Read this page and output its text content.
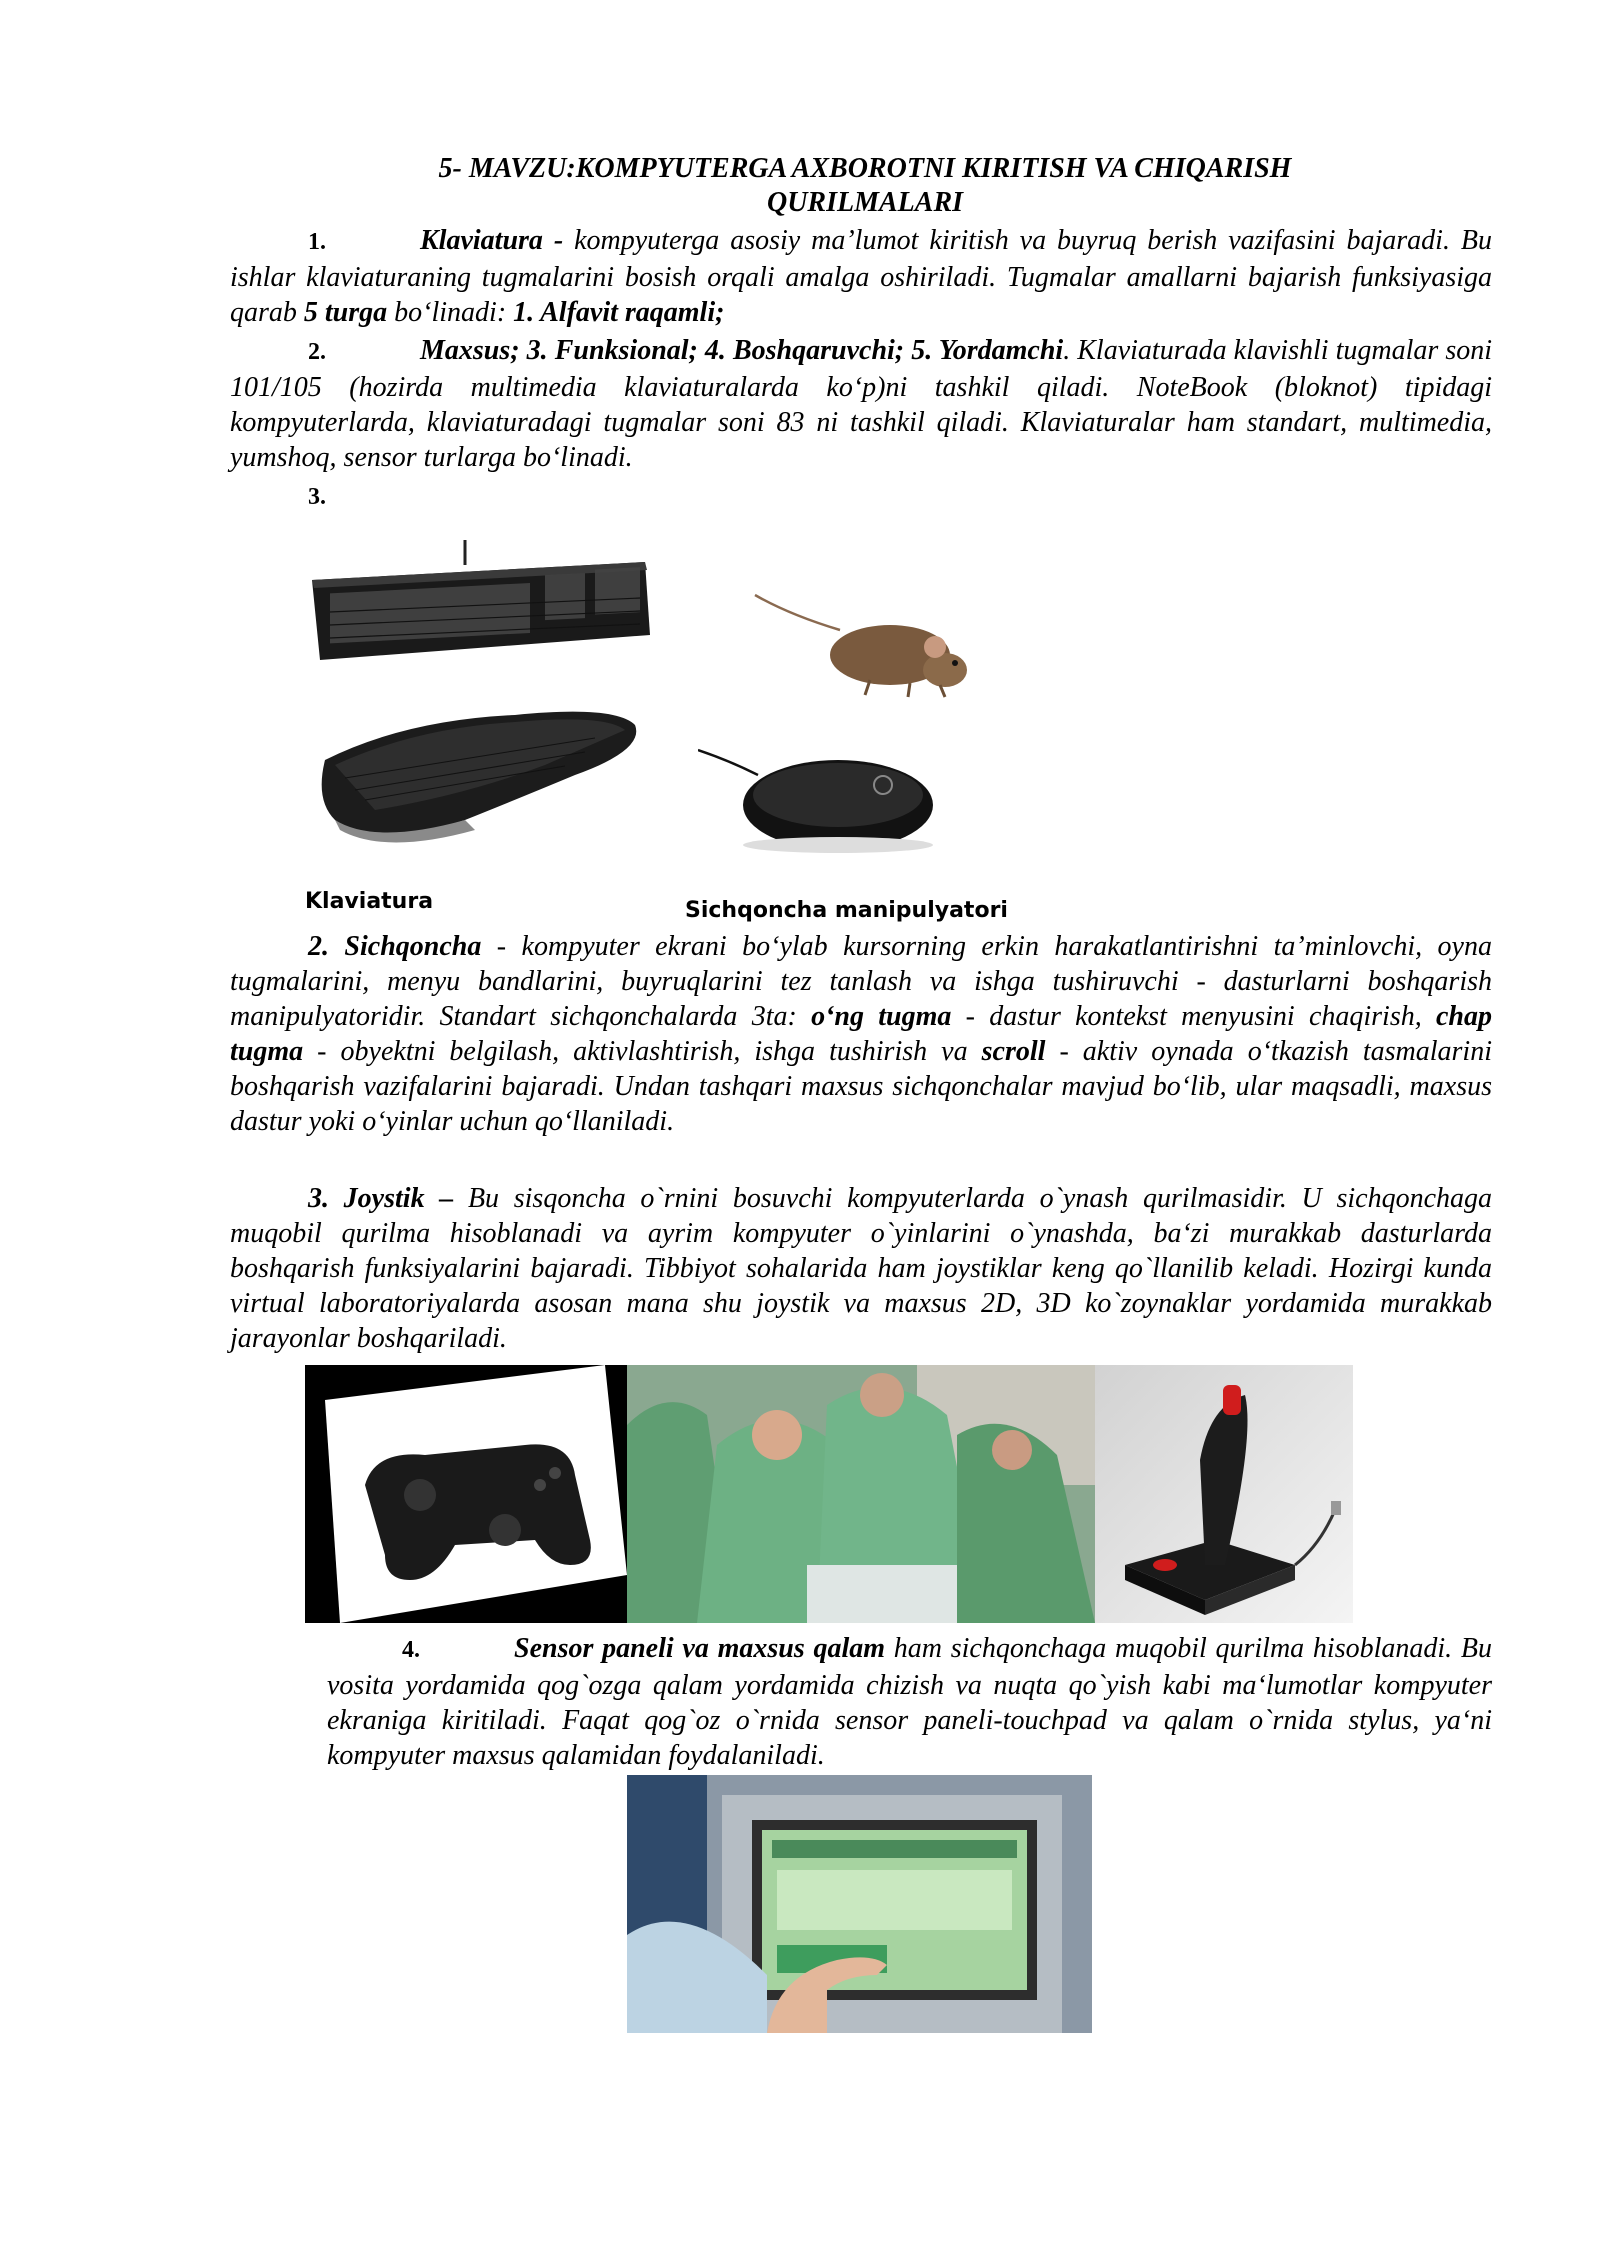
5- MAVZU:KOMPYUTERGA AXBOROTNI KIRITISH VA CHIQARISH
QURILMALARI
1.	Klaviatura - kompyuterga asosiy ma’lumot kiritish va buyruq berish vazifasini bajaradi. Bu ishlar klaviaturaning tugmalarini bosish orqali amalga oshiriladi. Tugmalar amallarni bajarish funksiyasiga qarab 5 turga bo‘linadi: 1. Alfavit raqamli;
2.	Maxsus; 3. Funksional; 4. Boshqaruvchi; 5. Yordamchi. Klaviaturada klavishli tugmalar soni 101/105 (hozirda multimedia klaviaturalarda ko‘p)ni tashkil qiladi. NoteBook (bloknot) tipidagi kompyuterlarda, klaviaturadagi tugmalar soni 83 ni tashkil qiladi. Klaviaturalar ham standart, multimedia, yumshoq, sensor turlarga bo‘linadi.
3.
Klaviatura	Sichqoncha manipulyatori
2. Sichqoncha - kompyuter ekrani bo‘ylab kursorning erkin harakatlantirishni ta’minlovchi, oyna tugmalarini, menyu bandlarini, buyruqlarini tez tanlash va ishga tushiruvchi - dasturlarni boshqarish manipulyatoridir. Standart sichqonchalarda 3ta: o‘ng tugma - dastur kontekst menyusini chaqirish, chap tugma - obyektni belgilash, aktivlashtirish, ishga tushirish va scroll - aktiv oynada o‘tkazish tasmalarini boshqarish vazifalarini bajaradi. Undan tashqari maxsus sichqonchalar mavjud bo‘lib, ular maqsadli, maxsus dastur yoki o‘yinlar uchun qo‘llaniladi.
3. Joystik – Bu sisqoncha o`rnini bosuvchi kompyuterlarda o`ynash qurilmasidir. U sichqonchaga muqobil qurilma hisoblanadi va ayrim kompyuter o`yinlarini o`ynashda, ba‘zi murakkab dasturlarda boshqarish funksiyalarini bajaradi. Tibbiyot sohalarida ham joystiklar keng qo`llanilib keladi. Hozirgi kunda virtual laboratoriyalarda asosan mana shu joystik va maxsus 2D, 3D ko`zoynaklar yordamida murakkab jarayonlar boshqariladi.
4.	Sensor paneli va maxsus qalam ham sichqonchaga muqobil qurilma hisoblanadi. Bu vosita yordamida qog`ozga qalam yordamida chizish va nuqta qo`yish kabi ma‘lumotlar kompyuter ekraniga kiritiladi. Faqat qog`oz o`rnida sensor paneli-touchpad va qalam o`rnida stylus, ya‘ni kompyuter maxsus qalamidan foydalaniladi.
